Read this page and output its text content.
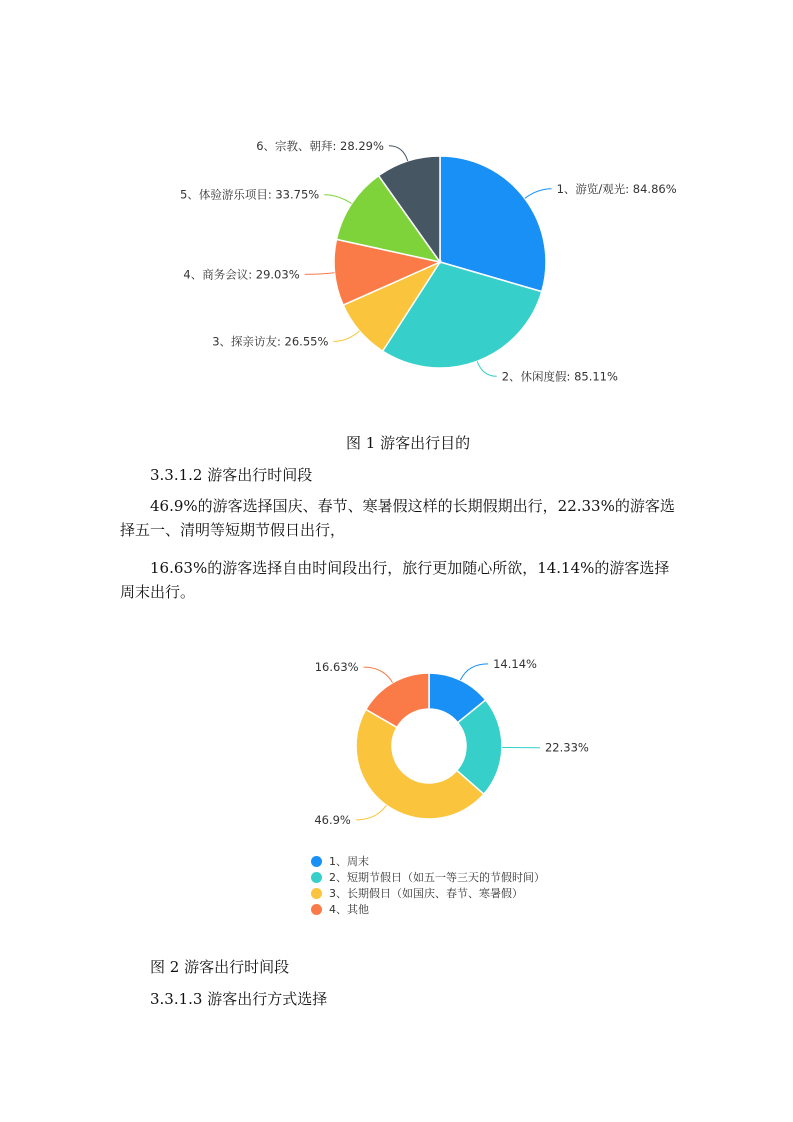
1、游览/观光: 84.86%
2、休闲度假: 85.11%
3、探亲访友: 26.55%
4、商务会议: 29.03%
5、体验游乐项目: 33.75%
6、宗教、朝拜: 28.29%
14.14%
22.33%
46.9%
16.63%

图 1 游客出行目的

3.3.1.2 游客出行时间段

46.9%的游客选择国庆、春节、寒暑假这样的长期假期出行，22.33%的游客选择五一、清明等短期节假日出行，

16.63%的游客选择自由时间段出行，旅行更加随心所欲，14.14%的游客选择周末出行。

1、周末
2、短期节假日（如五一等三天的节假时间）
3、长期假日（如国庆、春节、寒暑假）
4、其他

图 2 游客出行时间段

3.3.1.3 游客出行方式选择
